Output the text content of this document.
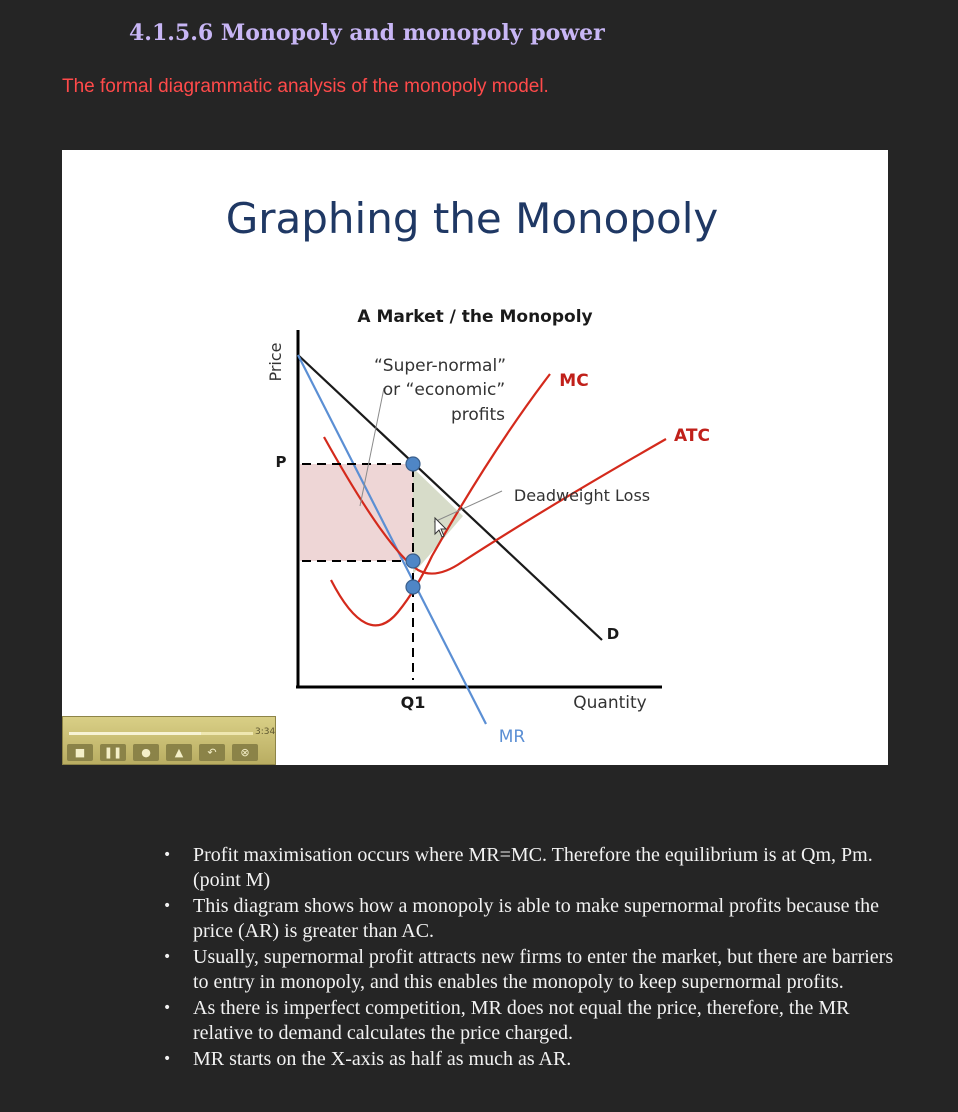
4.1.5.6 Monopoly and monopoly power

The formal diagrammatic analysis of the monopoly model.

Graphing the Monopoly
A Market / the Monopoly
Price
P
Q1	Quantity
MC
ATC
D
MR
“Super-normal”
or “economic”
profits
Deadweight Loss
3:34
■	❚❚	●	▲	↶	⊗
• Profit maximisation occurs where MR=MC. Therefore the equilibrium is at Qm, Pm. (point M)
• This diagram shows how a monopoly is able to make supernormal profits because the price (AR) is greater than AC.
• Usually, supernormal profit attracts new firms to enter the market, but there are barriers to entry in monopoly, and this enables the monopoly to keep supernormal profits.
• As there is imperfect competition, MR does not equal the price, therefore, the MR relative to demand calculates the price charged.
• MR starts on the X-axis as half as much as AR.
